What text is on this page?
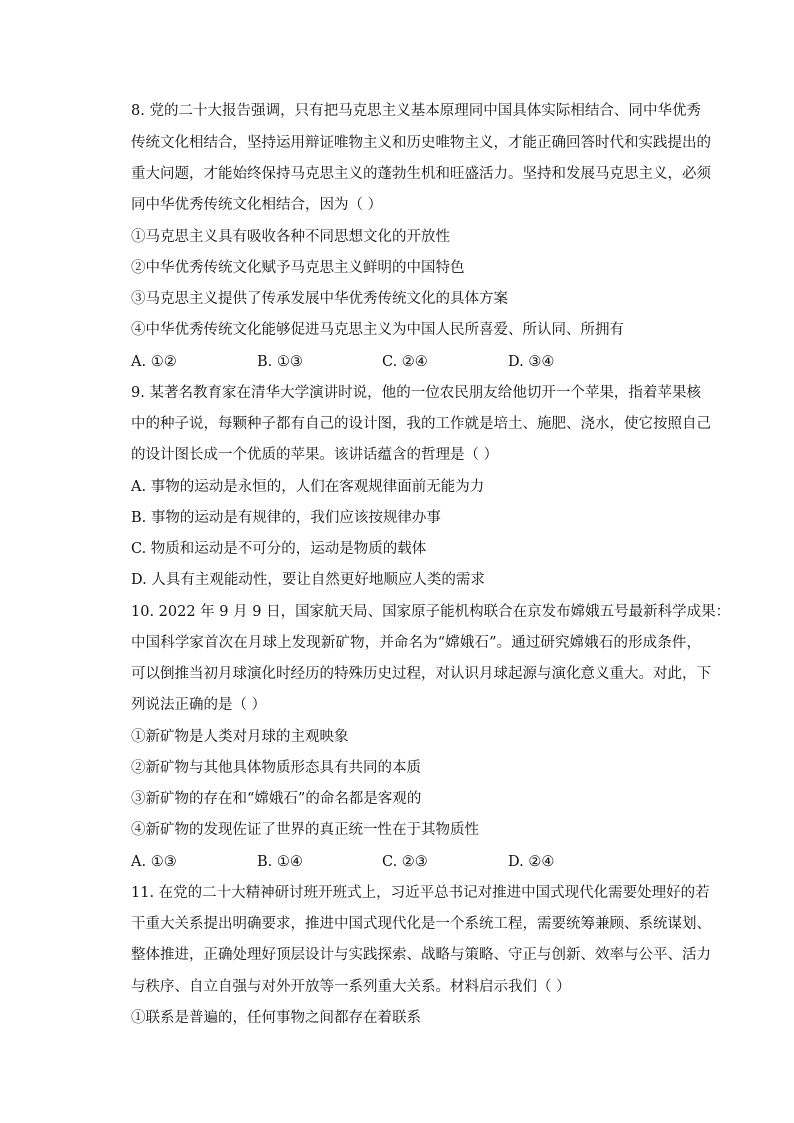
8. 党的二十大报告强调，只有把马克思主义基本原理同中国具体实际相结合、同中华优秀
传统文化相结合，坚持运用辩证唯物主义和历史唯物主义，才能正确回答时代和实践提出的
重大问题，才能始终保持马克思主义的蓬勃生机和旺盛活力。坚持和发展马克思主义，必须
同中华优秀传统文化相结合，因为（ ）
①马克思主义具有吸收各种不同思想文化的开放性
②中华优秀传统文化赋予马克思主义鲜明的中国特色
③马克思主义提供了传承发展中华优秀传统文化的具体方案
④中华优秀传统文化能够促进马克思主义为中国人民所喜爱、所认同、所拥有
A. ①②	B. ①③	C. ②④	D. ③④
9. 某著名教育家在清华大学演讲时说，他的一位农民朋友给他切开一个苹果，指着苹果核
中的种子说，每颗种子都有自己的设计图，我的工作就是培土、施肥、浇水，使它按照自己
的设计图长成一个优质的苹果。该讲话蕴含的哲理是（ ）
A. 事物的运动是永恒的，人们在客观规律面前无能为力
B. 事物的运动是有规律的，我们应该按规律办事
C. 物质和运动是不可分的，运动是物质的载体
D. 人具有主观能动性，要让自然更好地顺应人类的需求
10. 2022 年 9 月 9 日，国家航天局、国家原子能机构联合在京发布嫦娥五号最新科学成果：
中国科学家首次在月球上发现新矿物，并命名为“嫦娥石”。通过研究嫦娥石的形成条件，
可以倒推当初月球演化时经历的特殊历史过程，对认识月球起源与演化意义重大。对此，下
列说法正确的是（ ）
①新矿物是人类对月球的主观映象
②新矿物与其他具体物质形态具有共同的本质
③新矿物的存在和“嫦娥石”的命名都是客观的
④新矿物的发现佐证了世界的真正统一性在于其物质性
A. ①③	B. ①④	C. ②③	D. ②④
11. 在党的二十大精神研讨班开班式上，习近平总书记对推进中国式现代化需要处理好的若
干重大关系提出明确要求，推进中国式现代化是一个系统工程，需要统筹兼顾、系统谋划、
整体推进，正确处理好顶层设计与实践探索、战略与策略、守正与创新、效率与公平、活力
与秩序、自立自强与对外开放等一系列重大关系。材料启示我们（ ）
①联系是普遍的，任何事物之间都存在着联系
